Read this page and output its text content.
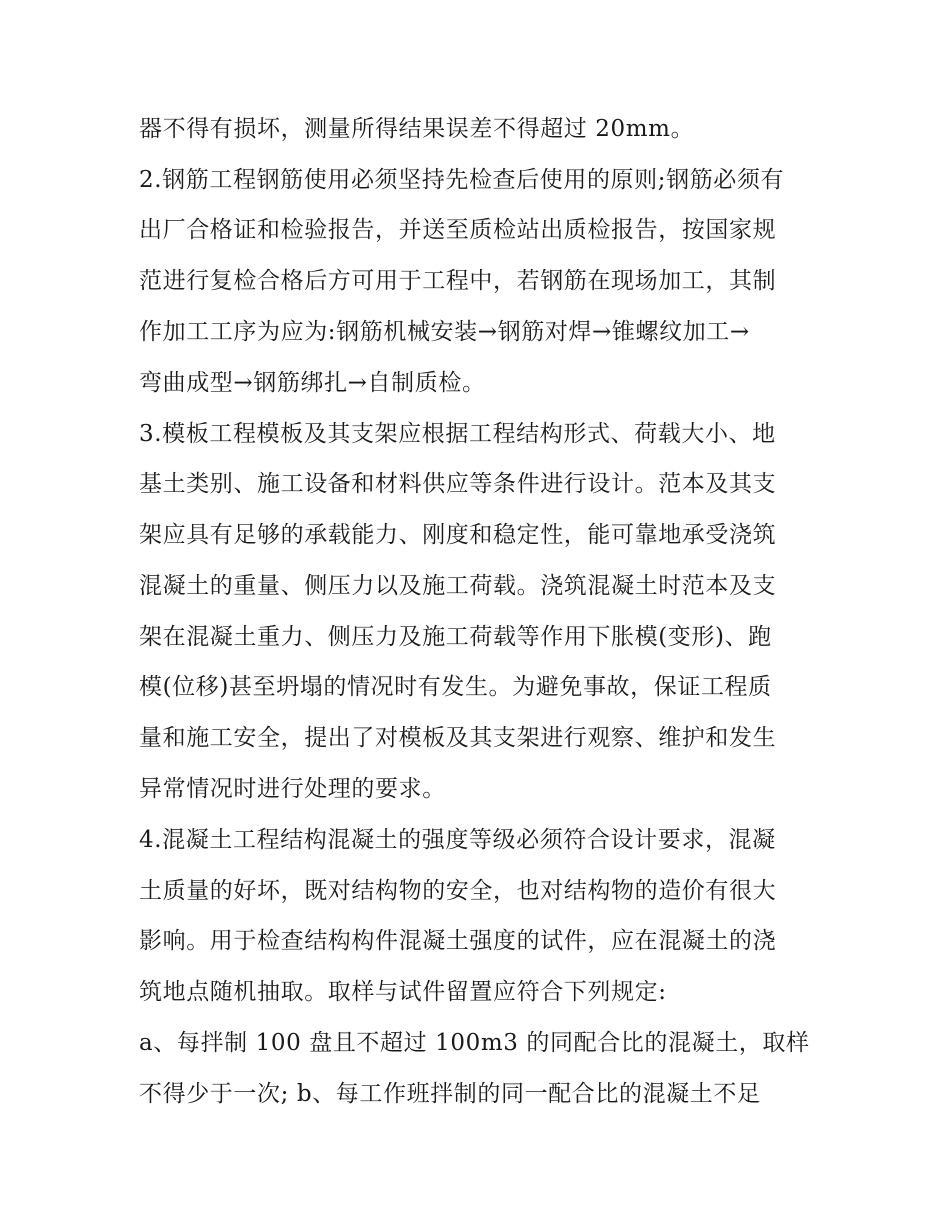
器不得有损坏，测量所得结果误差不得超过 20mm。
2.钢筋工程钢筋使用必须坚持先检查后使用的原则;钢筋必须有
出厂合格证和检验报告，并送至质检站出质检报告，按国家规
范进行复检合格后方可用于工程中，若钢筋在现场加工，其制
作加工工序为应为:钢筋机械安装→钢筋对焊→锥螺纹加工→
弯曲成型→钢筋绑扎→自制质检。
3.模板工程模板及其支架应根据工程结构形式、荷载大小、地
基土类别、施工设备和材料供应等条件进行设计。范本及其支
架应具有足够的承载能力、刚度和稳定性，能可靠地承受浇筑
混凝土的重量、侧压力以及施工荷载。浇筑混凝土时范本及支
架在混凝土重力、侧压力及施工荷载等作用下胀模(变形)、跑
模(位移)甚至坍塌的情况时有发生。为避免事故，保证工程质
量和施工安全，提出了对模板及其支架进行观察、维护和发生
异常情况时进行处理的要求。
4.混凝土工程结构混凝土的强度等级必须符合设计要求，混凝
土质量的好坏，既对结构物的安全，也对结构物的造价有很大
影响。用于检查结构构件混凝土强度的试件，应在混凝土的浇
筑地点随机抽取。取样与试件留置应符合下列规定:
a、每拌制 100 盘且不超过 100m3 的同配合比的混凝土，取样
不得少于一次; b、每工作班拌制的同一配合比的混凝土不足
